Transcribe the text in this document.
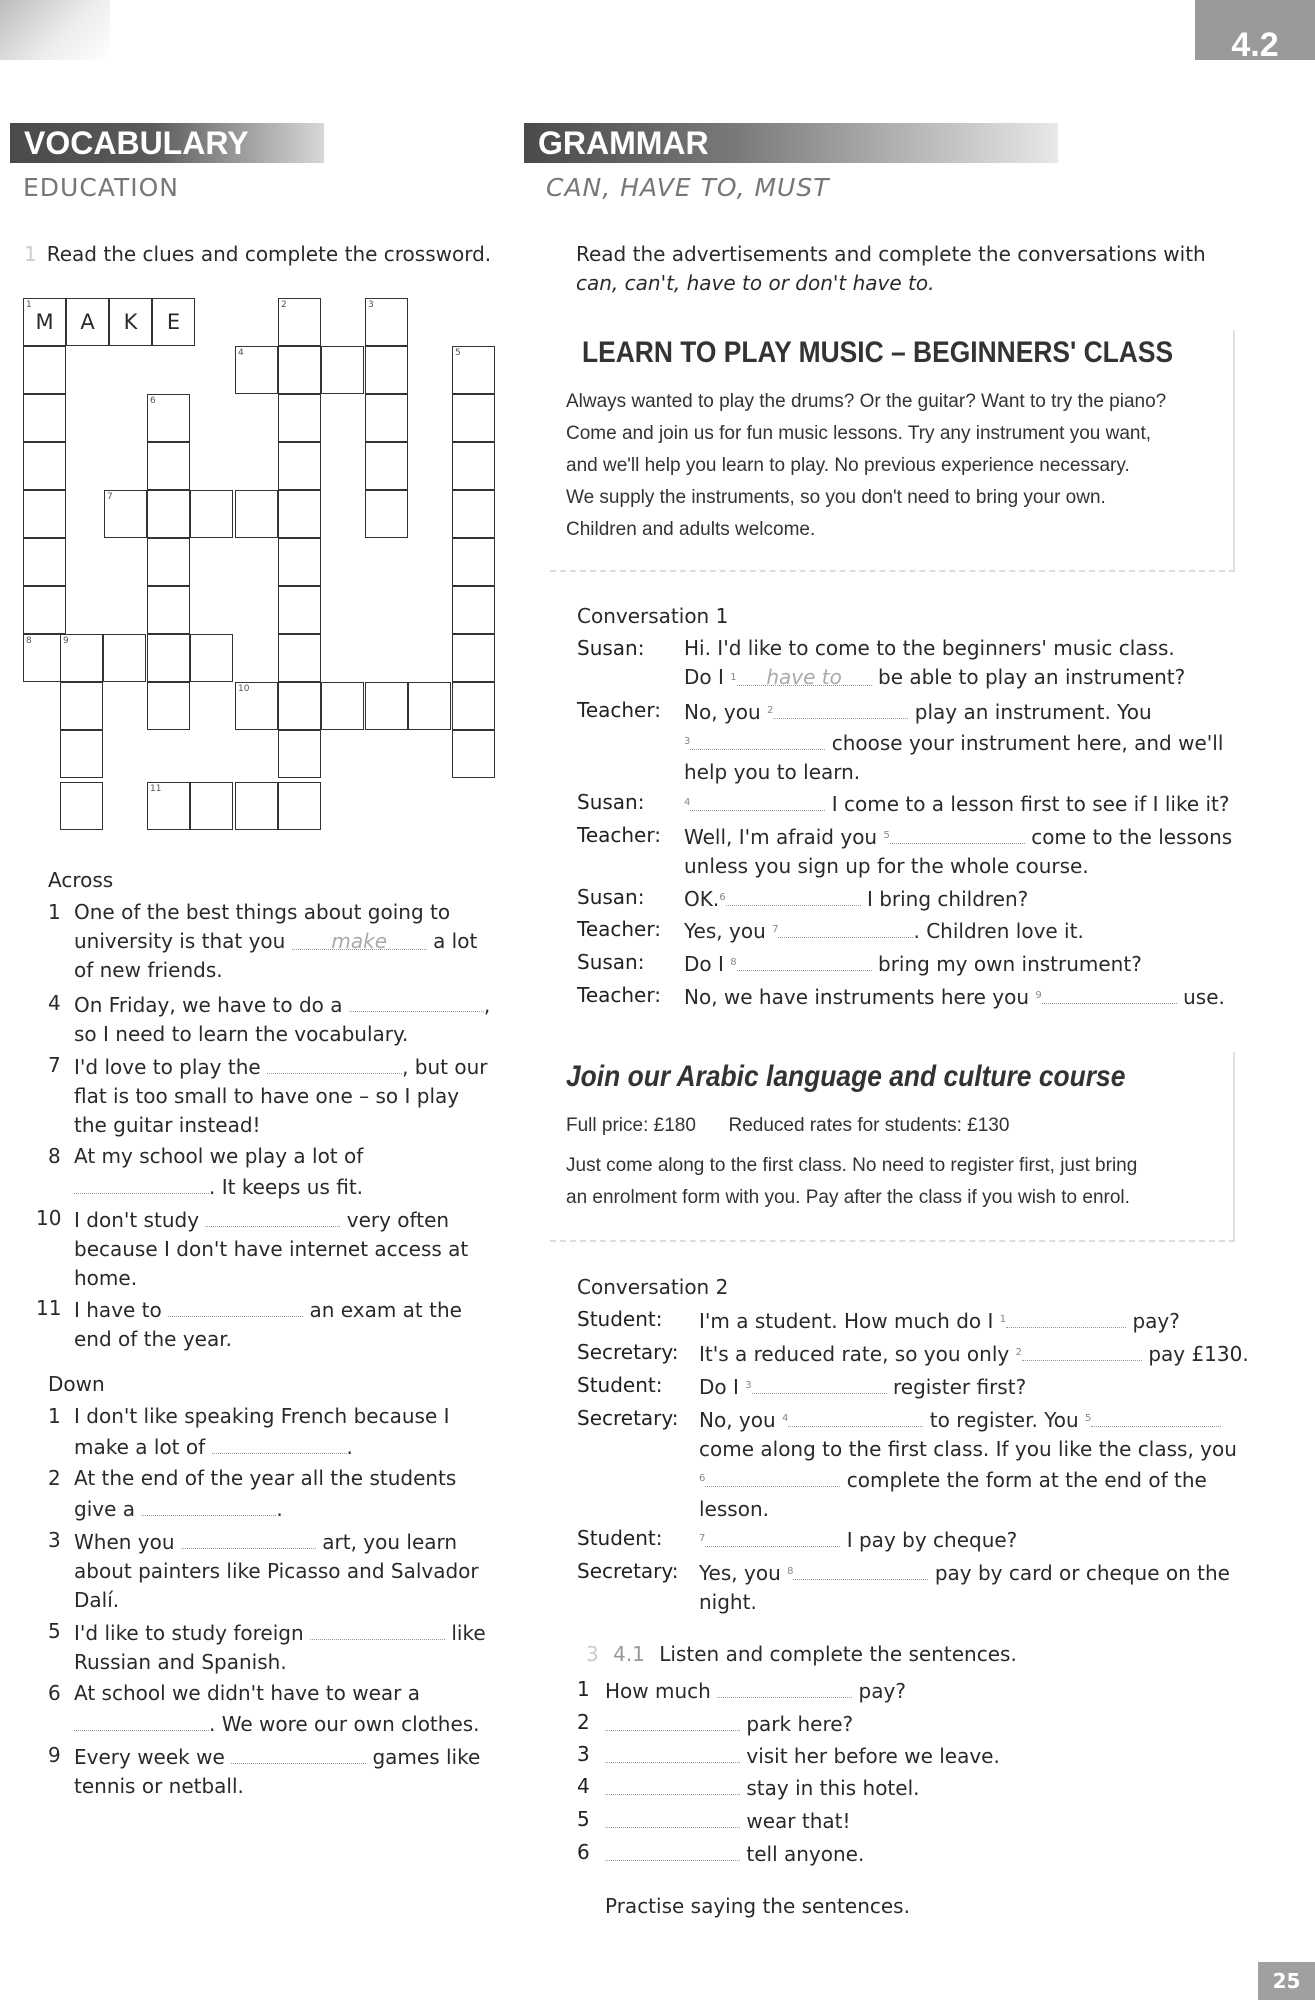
4.2
VOCABULARY
EDUCATION
1 Read the clues and complete the crossword.
1
M	A	K	E
2	3
4	5
6
7
8	9
10
11
Across
1 One of the best things about going to university is that you make a lot of new friends.
4 On Friday, we have to do a	, so I need to learn the vocabulary.
7 I'd love to play the	, but our flat is too small to have one – so I play the guitar instead!
8 At my school we play a lot of . It keeps us fit.
10 I don't study	very often because I don't have internet access at home.
11 I have to	an exam at the end of the year.
Down
1 I don't like speaking French because I make a lot of	.
2 At the end of the year all the students give a	.
3 When you	art, you learn about painters like Picasso and Salvador Dalí.
5 I'd like to study foreign	like Russian and Spanish.
6 At school we didn't have to wear a . We wore our own clothes.
9 Every week we	games like tennis or netball.
GRAMMAR
CAN, HAVE TO, MUST
Read the advertisements and complete the conversations with
can, can't, have to or don't have to.
LEARN TO PLAY MUSIC – BEGINNERS' CLASS
Always wanted to play the drums? Or the guitar? Want to try the piano?
Come and join us for fun music lessons. Try any instrument you want,
and we'll help you learn to play. No previous experience necessary.
We supply the instruments, so you don't need to bring your own.
Children and adults welcome.
Conversation 1
Susan: Hi. I'd like to come to the beginners' music class.
Do I $^1$ have to be able to play an instrument?
Teacher: No, you $^2$	play an instrument. You
$^3$	choose your instrument here, and we'll
help you to learn.
Susan:	$^4$	I come to a lesson first to see if I like it?
Teacher: Well, I'm afraid you $^5$	come to the lessons
unless you sign up for the whole course.
Susan: OK.$^6$	I bring children?
Teacher: Yes, you $^7$	. Children love it.
Susan: Do I $^8$	bring my own instrument?
Teacher: No, we have instruments here you $^9$	use.
Join our Arabic language and culture course
Full price: £180 Reduced rates for students: £130
Just come along to the first class. No need to register first, just bring
an enrolment form with you. Pay after the class if you wish to enrol.
Conversation 2
Student: I'm a student. How much do I $^1$	pay?
Secretary: It's a reduced rate, so you only $^2$	pay £130.
Student: Do I $^3$	register first?
Secretary: No, you $^4$	to register. You $^5$
come along to the first class. If you like the class, you
$^6$	complete the form at the end of the
lesson.
Student:	$^7$	I pay by cheque?
Secretary: Yes, you $^8$	pay by card or cheque on the
night.
3 4.1 Listen and complete the sentences.
1 How much	pay?
2	park here?
3	visit her before we leave.
4	stay in this hotel.
5	wear that!
6	tell anyone.
Practise saying the sentences.
25
